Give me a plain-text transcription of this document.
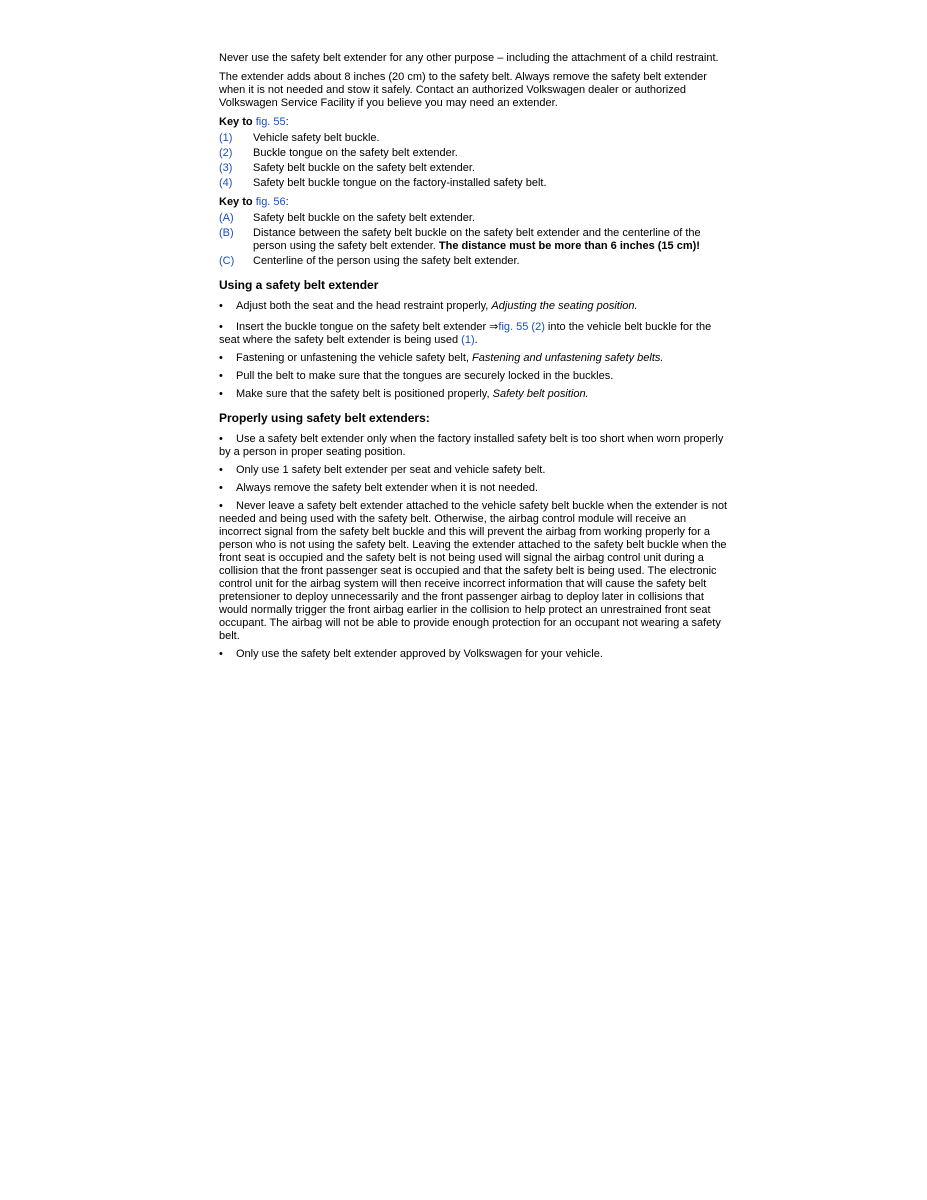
Never use the safety belt extender for any other purpose – including the attachment of a child restraint.

The extender adds about 8 inches (20 cm) to the safety belt. Always remove the safety belt extender when it is not needed and stow it safely. Contact an authorized Volkswagen dealer or authorized Volkswagen Service Facility if you believe you may need an extender.

Key to fig. 55:
(1)	Vehicle safety belt buckle.
(2)	Buckle tongue on the safety belt extender.
(3)	Safety belt buckle on the safety belt extender.
(4)	Safety belt buckle tongue on the factory-installed safety belt.
Key to fig. 56:
(A)	Safety belt buckle on the safety belt extender.
(B)	Distance between the safety belt buckle on the safety belt extender and the centerline of the person using the safety belt extender. The distance must be more than 6 inches (15 cm)!
(C)	Centerline of the person using the safety belt extender.
Using a safety belt extender
• Adjust both the seat and the head restraint properly, Adjusting the seating position.
• Insert the buckle tongue on the safety belt extender ⇒fig. 55 (2) into the vehicle belt buckle for the seat where the safety belt extender is being used (1).
• Fastening or unfastening the vehicle safety belt, Fastening and unfastening safety belts.
• Pull the belt to make sure that the tongues are securely locked in the buckles.
• Make sure that the safety belt is positioned properly, Safety belt position.
Properly using safety belt extenders:
• Use a safety belt extender only when the factory installed safety belt is too short when worn properly by a person in proper seating position.
• Only use 1 safety belt extender per seat and vehicle safety belt.
• Always remove the safety belt extender when it is not needed.
• Never leave a safety belt extender attached to the vehicle safety belt buckle when the extender is not needed and being used with the safety belt. Otherwise, the airbag control module will receive an incorrect signal from the safety belt buckle and this will prevent the airbag from working properly for a person who is not using the safety belt. Leaving the extender attached to the safety belt buckle when the front seat is occupied and the safety belt is not being used will signal the airbag control unit during a collision that the front passenger seat is occupied and that the safety belt is being used. The electronic control unit for the airbag system will then receive incorrect information that will cause the safety belt pretensioner to deploy unnecessarily and the front passenger airbag to deploy later in collisions that would normally trigger the front airbag earlier in the collision to help protect an unrestrained front seat occupant. The airbag will not be able to provide enough protection for an occupant not wearing a safety belt.
• Only use the safety belt extender approved by Volkswagen for your vehicle.
